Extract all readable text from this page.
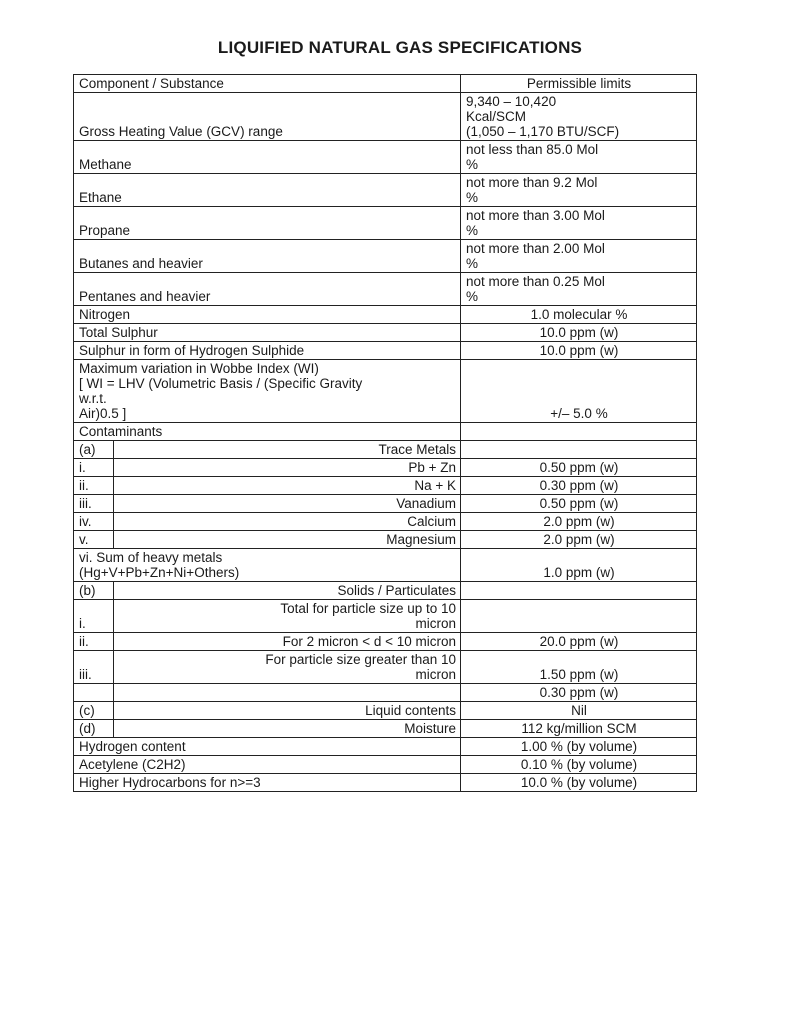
LIQUIFIED NATURAL GAS SPECIFICATIONS
Component / Substance		Permissible limits
Gross Heating Value (GCV) range		9,340 – 10,420
Kcal/SCM
(1,050 – 1,170 BTU/SCF)

Methane		not less than 85.0 Mol
%

Ethane		not more than 9.2 Mol
%

Propane		not more than 3.00 Mol
%

Butanes and heavier		not more than 2.00 Mol
%

Pentanes and heavier		not more than 0.25 Mol
%

Nitrogen		1.0 molecular %
Total Sulphur		10.0 ppm (w)
Sulphur in form of Hydrogen Sulphide		10.0 ppm (w)

Maximum variation in Wobbe Index (WI)
[ WI = LHV (Volumetric Basis / (Specific Gravity
w.r.t.
Air)0.5 ]		+/– 5.0 %
Contaminants		
(a)	Trace Metals	
i.	Pb + Zn	0.50 ppm (w)
ii.	Na + K	0.30 ppm (w)
iii.	Vanadium	0.50 ppm (w)
iv.	Calcium	2.0 ppm (w)
v.	Magnesium	2.0 ppm (w)

vi. Sum of heavy metals
(Hg+V+Pb+Zn+Ni+Others)		1.0 ppm (w)
(b)	Solids / Particulates	
i.	Total for particle size up to 10
micron	

ii.	For 2 micron < d < 10 micron	20.0 ppm (w)
iii.	For particle size greater than 10
micron	1.50 ppm (w)
		0.30 ppm (w)
(c)	Liquid contents	Nil
(d)	Moisture	112 kg/million SCM
Hydrogen content		1.00 % (by volume)
Acetylene (C2H2)		0.10 % (by volume)
Higher Hydrocarbons for n>=3		10.0 % (by volume)
